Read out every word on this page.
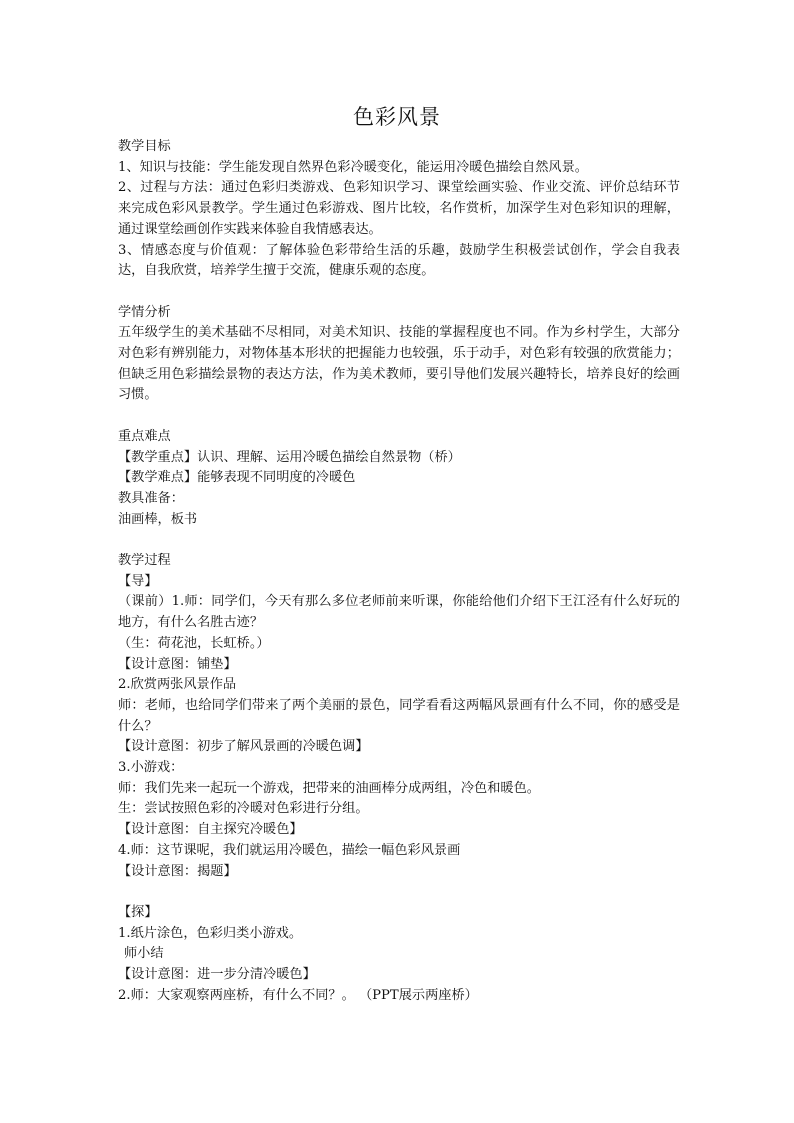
色彩风景

教学目标

1、知识与技能：学生能发现自然界色彩冷暖变化，能运用冷暖色描绘自然风景。

2、过程与方法：通过色彩归类游戏、色彩知识学习、课堂绘画实验、作业交流、评价总结环节来完成色彩风景教学。学生通过色彩游戏、图片比较，名作赏析，加深学生对色彩知识的理解，通过课堂绘画创作实践来体验自我情感表达。

3、情感态度与价值观：了解体验色彩带给生活的乐趣，鼓励学生积极尝试创作，学会自我表达，自我欣赏，培养学生擅于交流，健康乐观的态度。

学情分析

五年级学生的美术基础不尽相同，对美术知识、技能的掌握程度也不同。作为乡村学生，大部分对色彩有辨别能力，对物体基本形状的把握能力也较强，乐于动手，对色彩有较强的欣赏能力；但缺乏用色彩描绘景物的表达方法，作为美术教师，要引导他们发展兴趣特长，培养良好的绘画习惯。

重点难点

【教学重点】认识、理解、运用冷暖色描绘自然景物（桥）

【教学难点】能够表现不同明度的冷暖色

教具准备：

油画棒，板书

教学过程

【导】

（课前）1.师：同学们，今天有那么多位老师前来听课，你能给他们介绍下王江泾有什么好玩的地方，有什么名胜古迹？

（生：荷花池，长虹桥。）

【设计意图：铺垫】

2.欣赏两张风景作品

师：老师，也给同学们带来了两个美丽的景色，同学看看这两幅风景画有什么不同，你的感受是什么？

【设计意图：初步了解风景画的冷暖色调】

3.小游戏：

师：我们先来一起玩一个游戏，把带来的油画棒分成两组，冷色和暖色。

生：尝试按照色彩的冷暖对色彩进行分组。

【设计意图：自主探究冷暖色】

4.师：这节课呢，我们就运用冷暖色，描绘一幅色彩风景画

【设计意图：揭题】

【探】

1.纸片涂色，色彩归类小游戏。

师小结

【设计意图：进一步分清冷暖色】

2.师：大家观察两座桥，有什么不同？。 （PPT展示两座桥）
